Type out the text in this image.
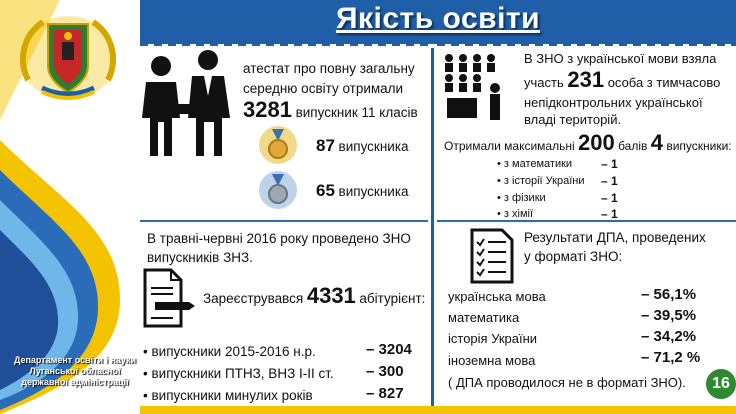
Департамент освіти і науки Луганської обласної державної адміністрації
Якість освіти
атестат про повну загальну
середню освіту отримали
3281 випускник 11 класів
87 випускника
65 випускника
В ЗНО з української мови взяла
участь 231 особа з тимчасово
непідконтрольних української
владі територій.
Отримали максимальні 200 балів 4 випускники:
• з математики – 1
• з історії України – 1
• з фізики	– 1
• з хімії	– 1
В травні-червні 2016 року проведено ЗНО
випускників ЗНЗ.
Зареєструвався 4331 абітурієнт:
• випускники 2015-2016 н.р.	– 3204
• випускники ПТНЗ, ВНЗ І-ІІ ст. – 300
• випускники минулих років	– 827
Результати ДПА, проведених
у форматі ЗНО:
українська мова	– 56,1%
математика	– 39,5%
історія України	– 34,2%
іноземна мова	– 71,2 %
( ДПА проводилося не в форматі ЗНО).	16
